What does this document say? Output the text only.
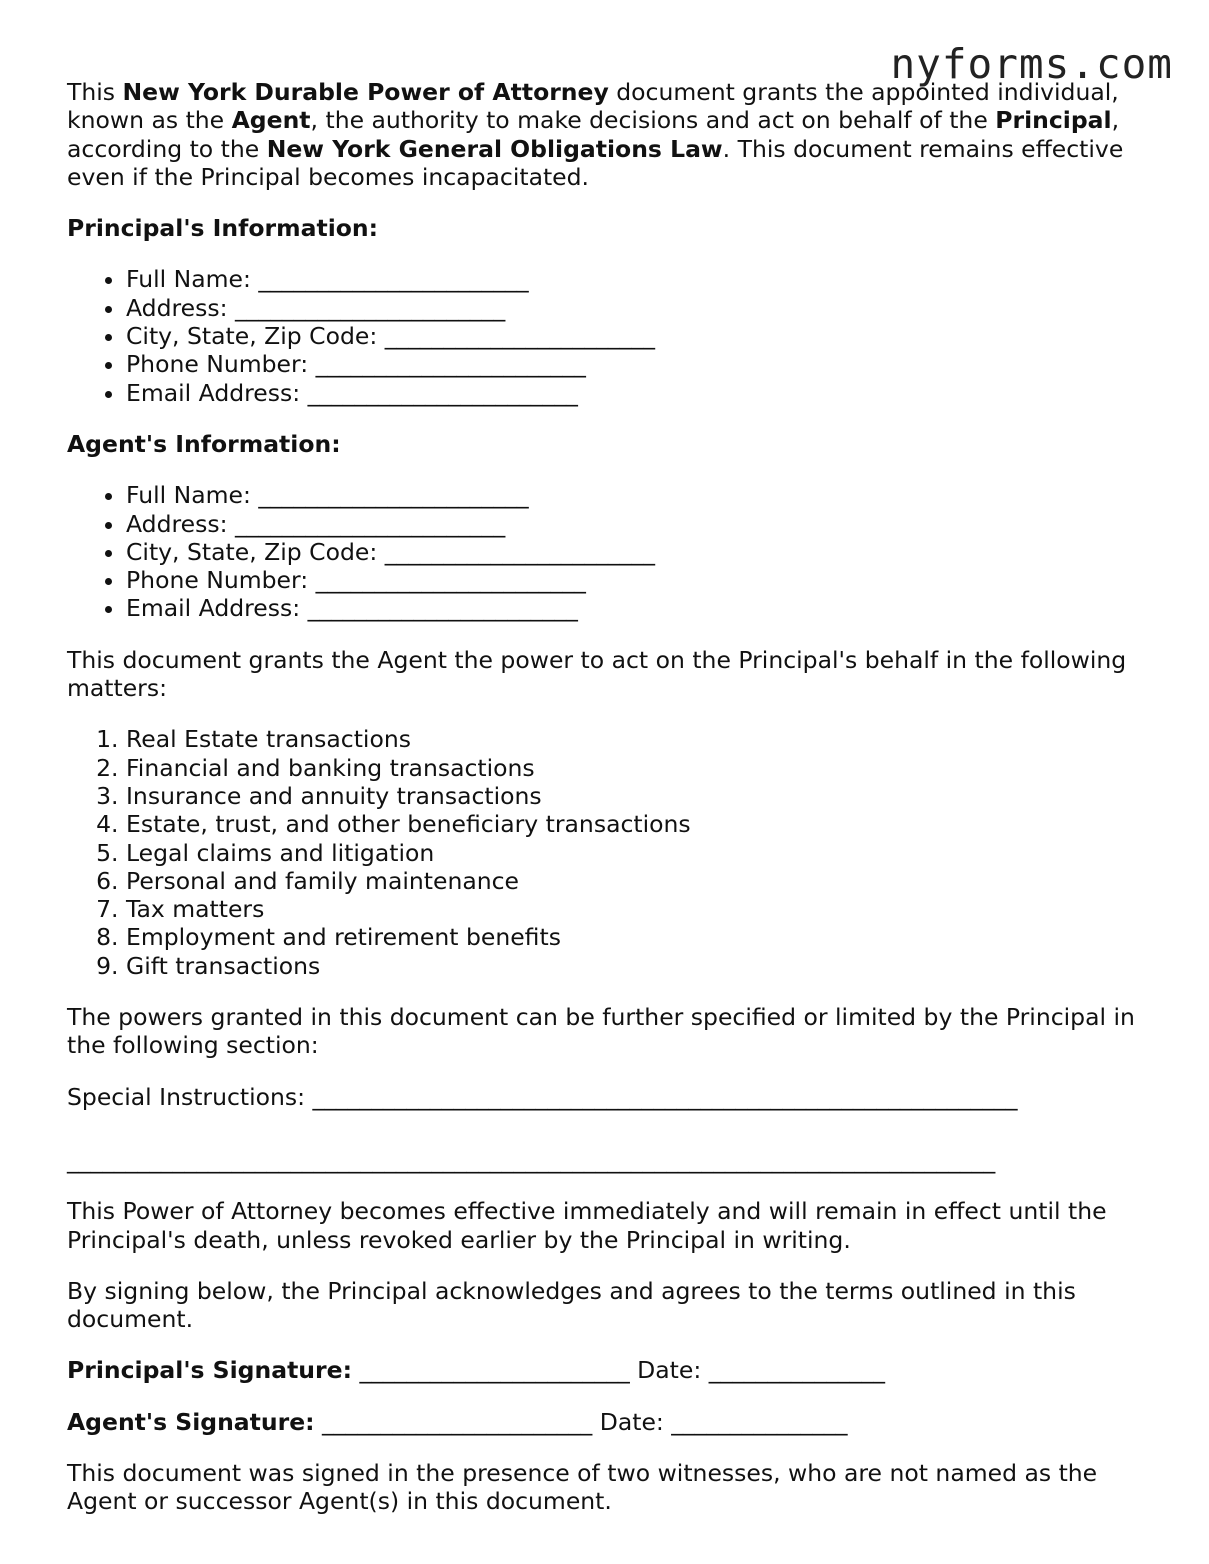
nyforms.com

This New York Durable Power of Attorney document grants the appointed individual, known as the Agent, the authority to make decisions and act on behalf of the Principal, according to the New York General Obligations Law. This document remains effective even if the Principal becomes incapacitated.

Principal's Information:

• Full Name: _______________________
• Address: _______________________
• City, State, Zip Code: _______________________
• Phone Number: _______________________
• Email Address: _______________________

Agent's Information:

• Full Name: _______________________
• Address: _______________________
• City, State, Zip Code: _______________________
• Phone Number: _______________________
• Email Address: _______________________

This document grants the Agent the power to act on the Principal's behalf in the following matters:

1. Real Estate transactions
2. Financial and banking transactions
3. Insurance and annuity transactions
4. Estate, trust, and other beneficiary transactions
5. Legal claims and litigation
6. Personal and family maintenance
7. Tax matters
8. Employment and retirement benefits
9. Gift transactions

The powers granted in this document can be further specified or limited by the Principal in the following section:

Special Instructions: ____________________________________________________________

_______________________________________________________________________________

This Power of Attorney becomes effective immediately and will remain in effect until the Principal's death, unless revoked earlier by the Principal in writing.

By signing below, the Principal acknowledges and agrees to the terms outlined in this document.

Principal's Signature: _______________________ Date: _______________

Agent's Signature: _______________________ Date: _______________

This document was signed in the presence of two witnesses, who are not named as the Agent or successor Agent(s) in this document.
